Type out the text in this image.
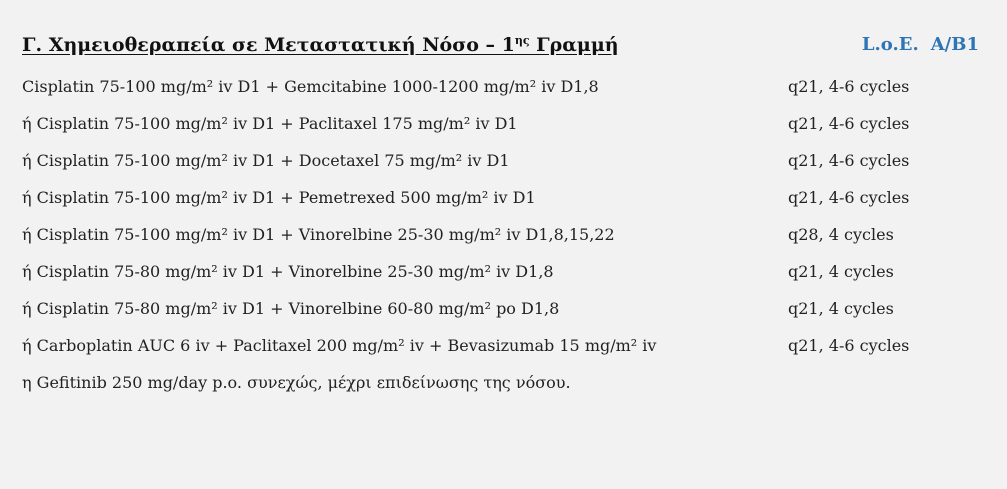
Γ. Χημειοθεραπεία σε Μεταστατική Νόσο – $1^{\eta\varsigma}$ Γραμμή	L.o.E. A/B1
Cisplatin 75-100 mg/m² iv D1 + Gemcitabine 1000-1200 mg/m² iv D1,8	q21, 4-6 cycles
ή Cisplatin 75-100 mg/m² iv D1 + Paclitaxel 175 mg/m² iv D1	q21, 4-6 cycles
ή Cisplatin 75-100 mg/m² iv D1 + Docetaxel 75 mg/m² iv D1	q21, 4-6 cycles
ή Cisplatin 75-100 mg/m² iv D1 + Pemetrexed 500 mg/m² iv D1	q21, 4-6 cycles
ή Cisplatin 75-100 mg/m² iv D1 + Vinorelbine 25-30 mg/m² iv D1,8,15,22	q28, 4 cycles
ή Cisplatin 75-80 mg/m² iv D1 + Vinorelbine 25-30 mg/m² iv D1,8	q21, 4 cycles
ή Cisplatin 75-80 mg/m² iv D1 + Vinorelbine 60-80 mg/m² po D1,8	q21, 4 cycles
ή Carboplatin AUC 6 iv + Paclitaxel 200 mg/m² iv + Bevasizumab 15 mg/m² iv	q21, 4-6 cycles
η Gefitinib 250 mg/day p.o. συνεχώς, μέχρι επιδείνωσης της νόσου.
